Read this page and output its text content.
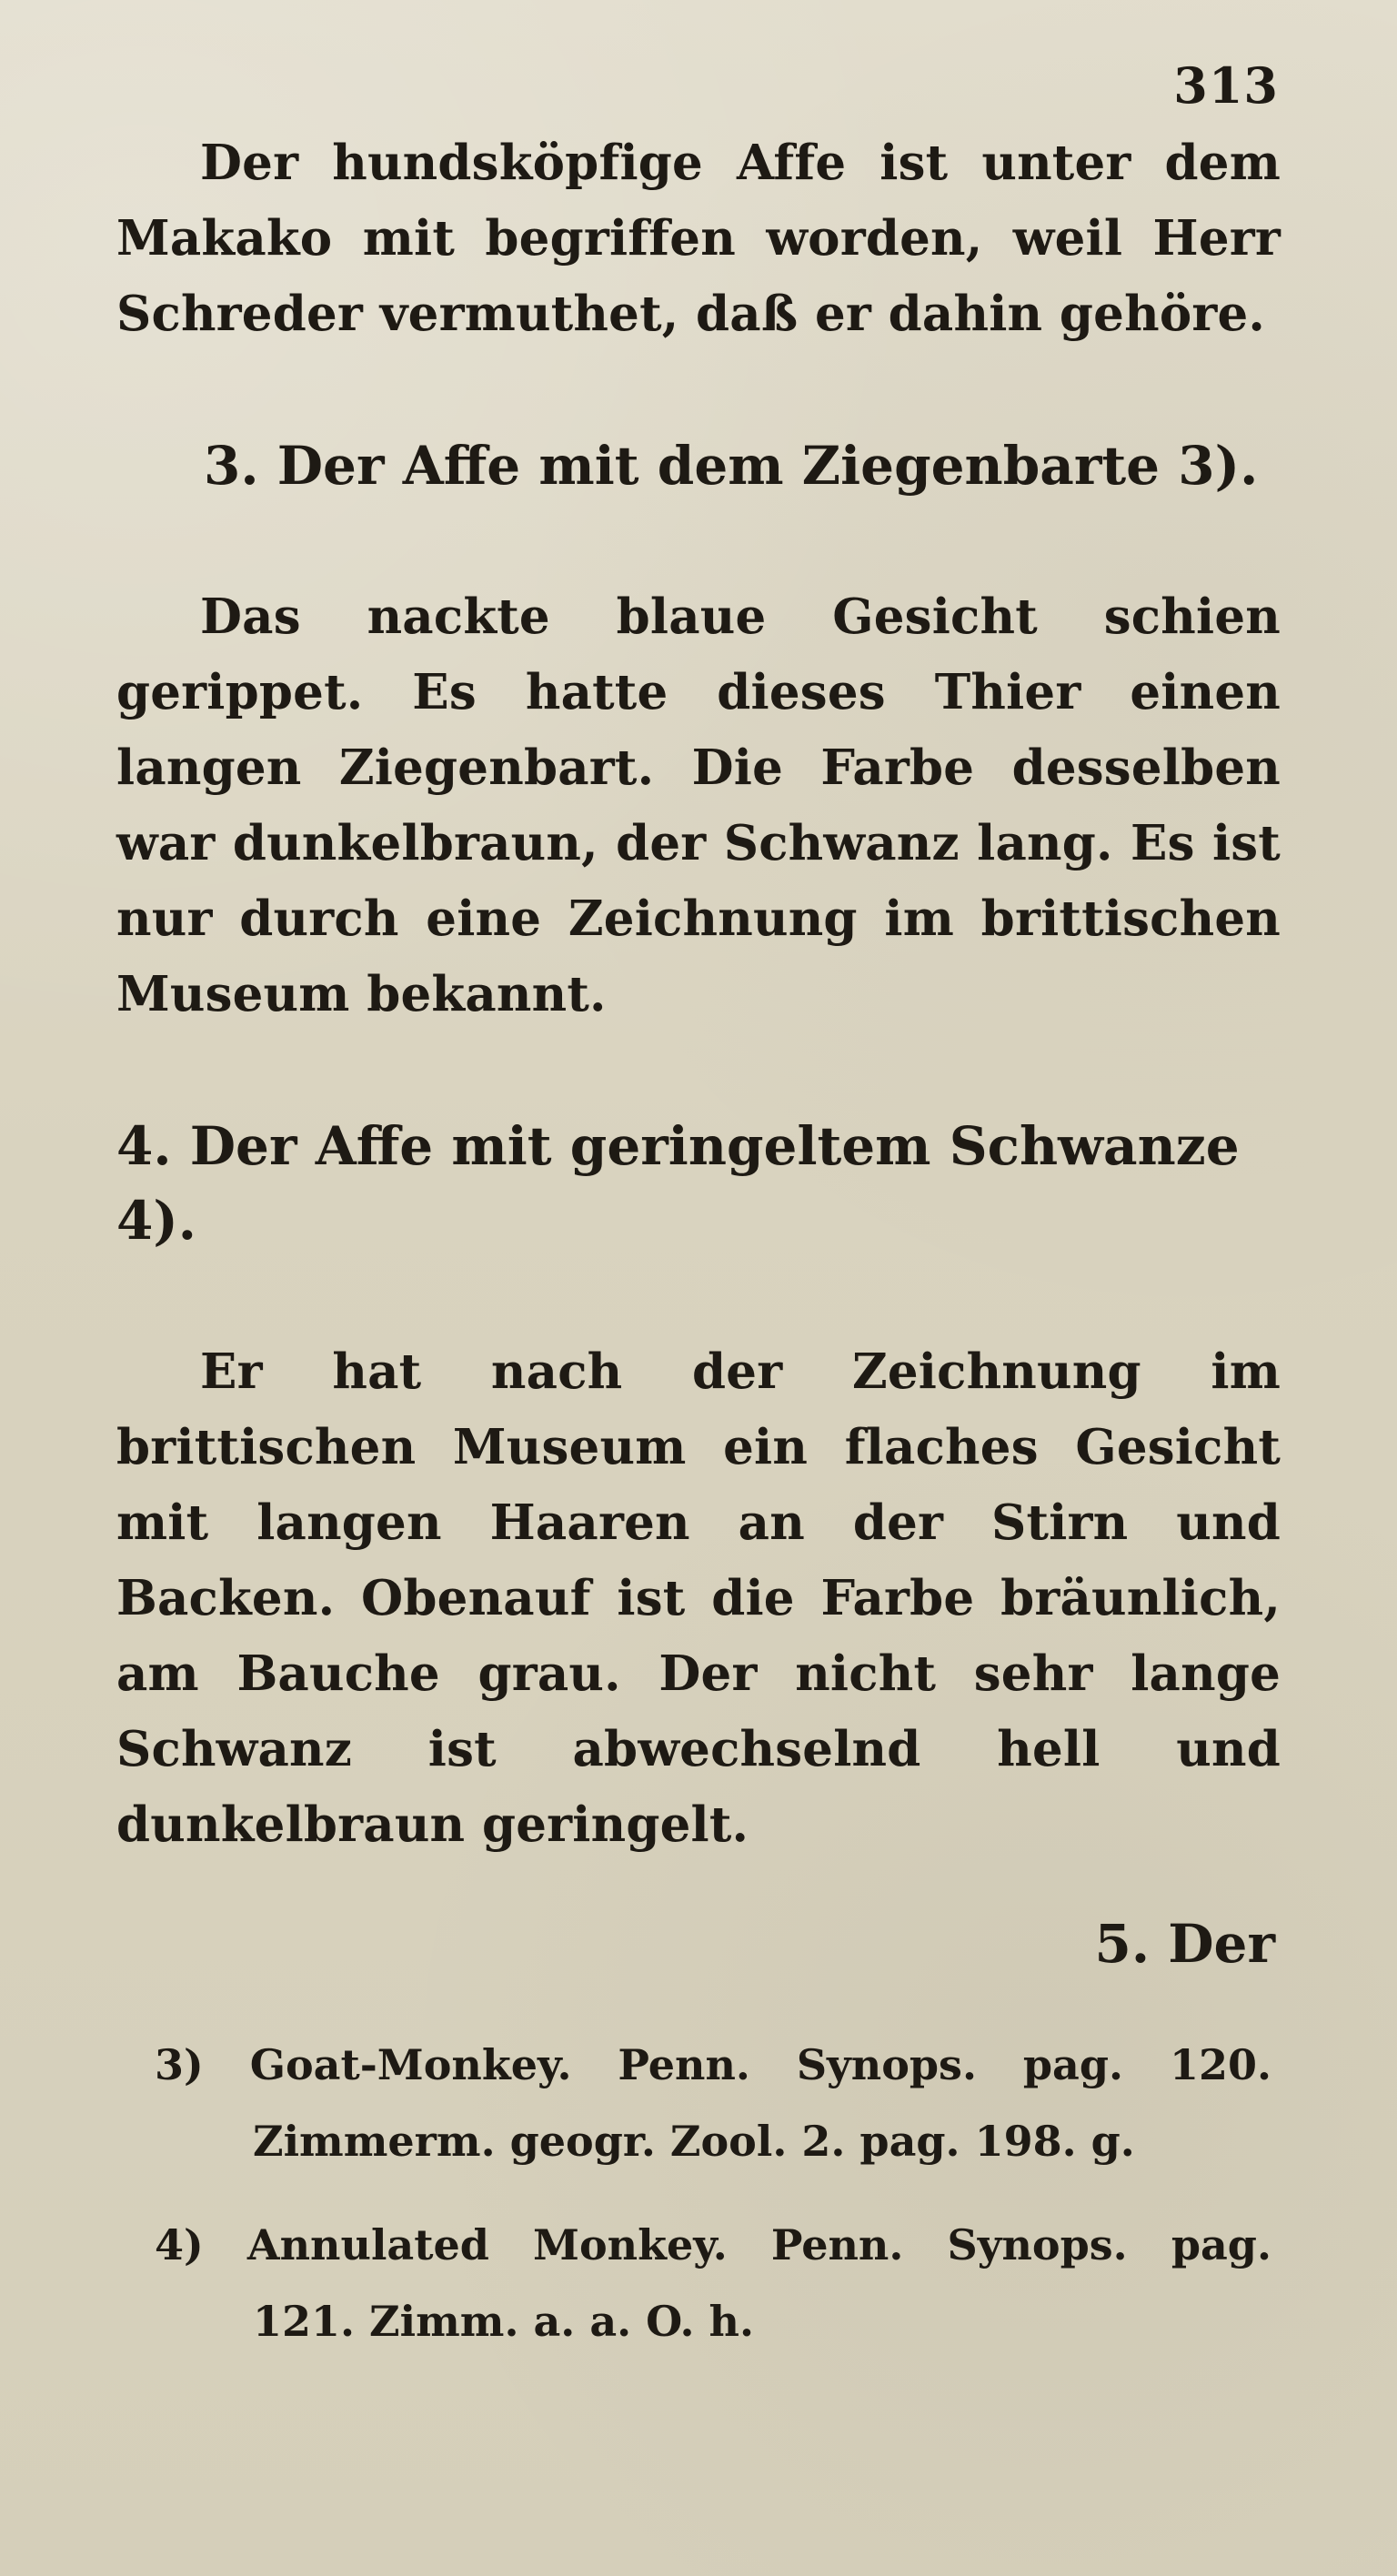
313

Der hundsköpfige Affe ist unter dem Makako mit begriffen worden, weil Herr Schreder vermuthet, daß er dahin gehöre.

3. Der Affe mit dem Ziegenbarte 3).

Das nackte blaue Gesicht schien gerippet. Es hatte dieses Thier einen langen Ziegenbart. Die Farbe desselben war dunkelbraun, der Schwanz lang. Es ist nur durch eine Zeichnung im brittischen Museum bekannt.

4. Der Affe mit geringeltem Schwanze 4).

Er hat nach der Zeichnung im brittischen Museum ein flaches Gesicht mit langen Haaren an der Stirn und Backen. Obenauf ist die Farbe bräunlich, am Bauche grau. Der nicht sehr lange Schwanz ist abwechselnd hell und dunkelbraun geringelt.

5. Der
3) Goat-Monkey. Penn. Synops. pag. 120.
Zimmerm. geogr. Zool. 2. pag. 198. g.
4) Annulated Monkey. Penn. Synops. pag.
121. Zimm. a. a. O. h.
